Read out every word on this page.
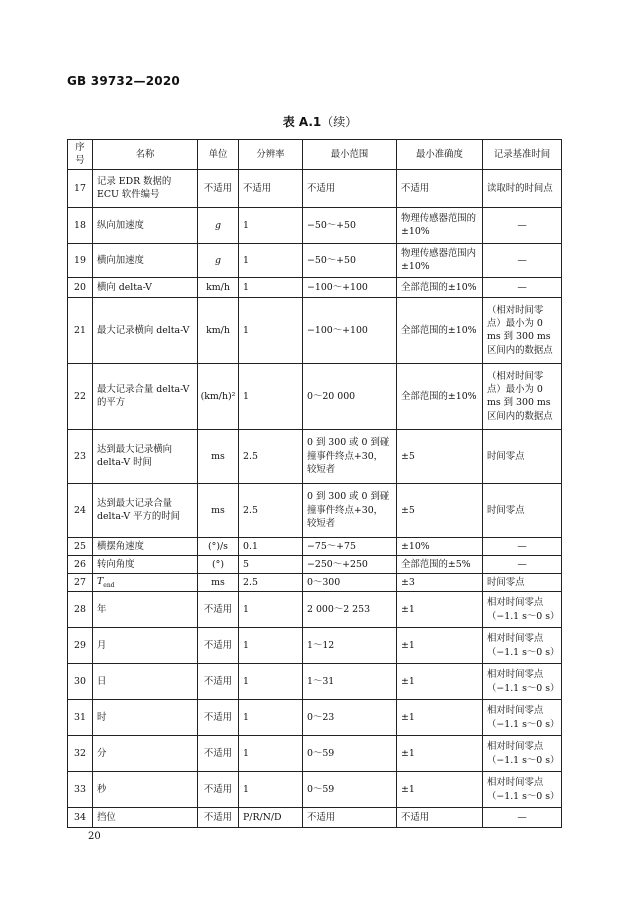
GB 39732—2020
表 A.1（续）
序号	名称	单位	分辨率	最小范围	最小准确度	记录基准时间
17	记录 EDR 数据的 ECU 软件编号	不适用	不适用	不适用	不适用	读取时的时间点
18	纵向加速度	g	1	−50～+50	物理传感器范围的±10%	—
19	横向加速度	g	1	−50～+50	物理传感器范围内±10%	—
20	横向 delta-V	km/h	1	−100～+100	全部范围的±10%	—
21	最大记录横向 delta-V	km/h	1	−100～+100	全部范围的±10%	（相对时间零点）最小为 0 ms 到 300 ms 区间内的数据点
22	最大记录合量 delta-V 的平方	(km/h)²	1	0～20 000	全部范围的±10%	（相对时间零点）最小为 0 ms 到 300 ms 区间内的数据点
23	达到最大记录横向 delta-V 时间	ms	2.5	0 到 300 或 0 到碰撞事件终点+30，较短者	±5	时间零点
24	达到最大记录合量 delta-V 平方的时间	ms	2.5	0 到 300 或 0 到碰撞事件终点+30，较短者	±5	时间零点
25	横摆角速度	(°)/s	0.1	−75～+75	±10%	—
26	转向角度	(°)	5	−250～+250	全部范围的±5%	—
27	$T_{end}$	ms	2.5	0～300	±3	时间零点
28	年	不适用	1	2 000～2 253	±1	相对时间零点（−1.1 s～0 s）
29	月	不适用	1	1～12	±1	相对时间零点（−1.1 s～0 s）
30	日	不适用	1	1～31	±1	相对时间零点（−1.1 s～0 s）
31	时	不适用	1	0～23	±1	相对时间零点（−1.1 s～0 s）
32	分	不适用	1	0～59	±1	相对时间零点（−1.1 s～0 s）
33	秒	不适用	1	0～59	±1	相对时间零点（−1.1 s～0 s）
34	挡位	不适用	P/R/N/D	不适用	不适用	—
20
